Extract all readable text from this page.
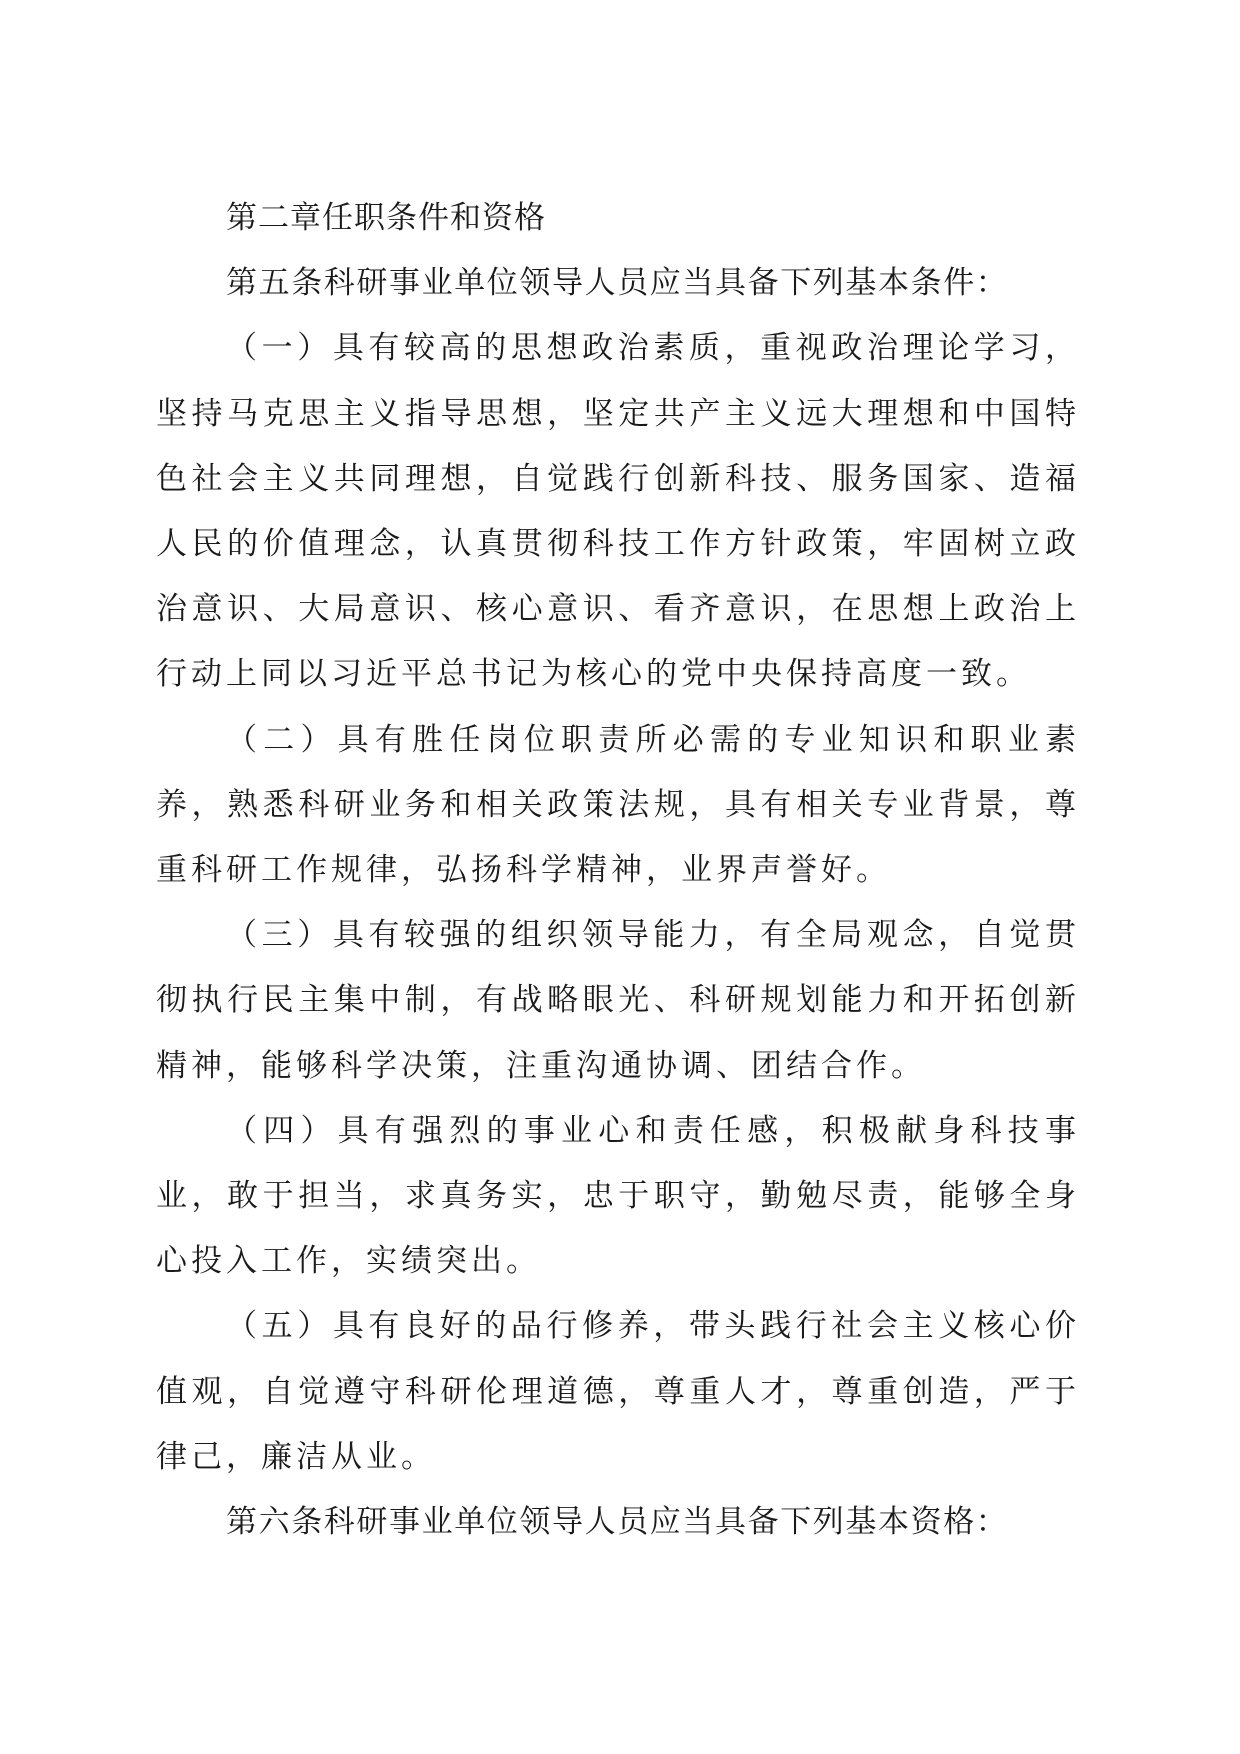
第二章任职条件和资格

第五条科研事业单位领导人员应当具备下列基本条件：

（一）具有较高的思想政治素质，重视政治理论学习，坚持马克思主义指导思想，坚定共产主义远大理想和中国特色社会主义共同理想，自觉践行创新科技、服务国家、造福人民的价值理念，认真贯彻科技工作方针政策，牢固树立政治意识、大局意识、核心意识、看齐意识，在思想上政治上行动上同以习近平总书记为核心的党中央保持高度一致。

（二）具有胜任岗位职责所必需的专业知识和职业素养，熟悉科研业务和相关政策法规，具有相关专业背景，尊重科研工作规律，弘扬科学精神，业界声誉好。

（三）具有较强的组织领导能力，有全局观念，自觉贯彻执行民主集中制，有战略眼光、科研规划能力和开拓创新精神，能够科学决策，注重沟通协调、团结合作。

（四）具有强烈的事业心和责任感，积极献身科技事业，敢于担当，求真务实，忠于职守，勤勉尽责，能够全身心投入工作，实绩突出。

（五）具有良好的品行修养，带头践行社会主义核心价值观，自觉遵守科研伦理道德，尊重人才，尊重创造，严于律己，廉洁从业。

第六条科研事业单位领导人员应当具备下列基本资格：
